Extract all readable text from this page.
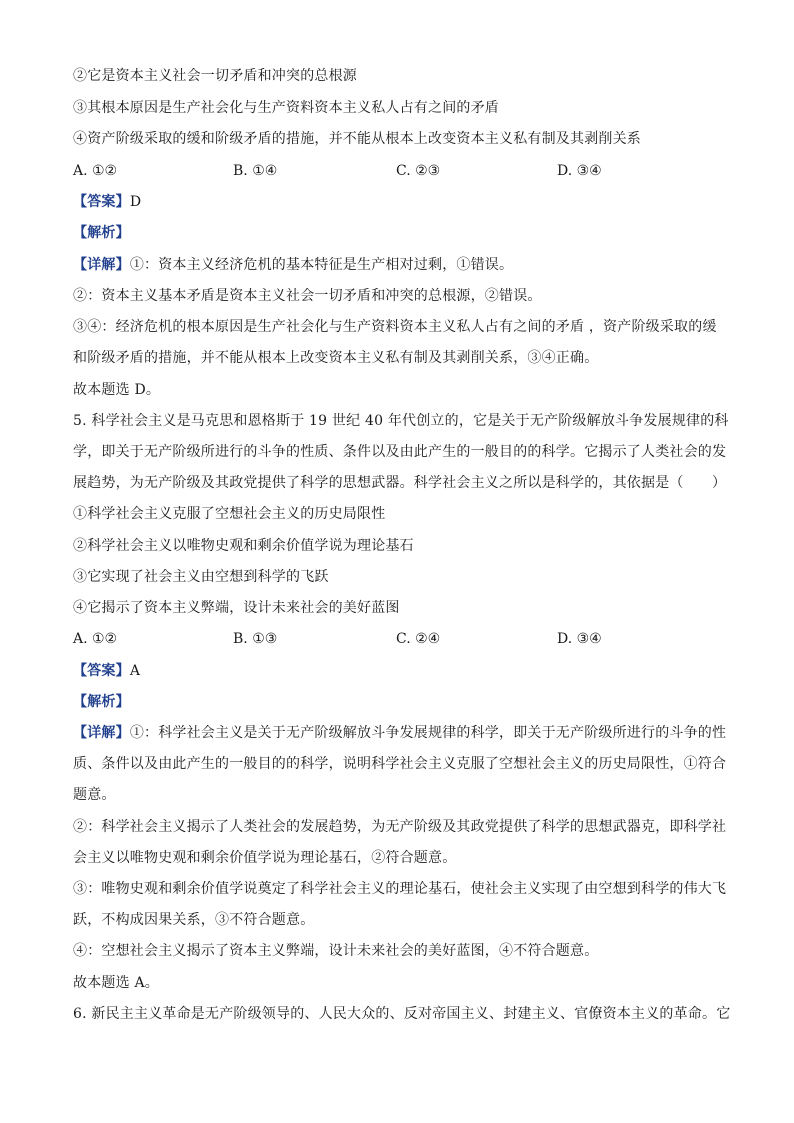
②它是资本主义社会一切矛盾和冲突的总根源
③其根本原因是生产社会化与生产资料资本主义私人占有之间的矛盾
④资产阶级采取的缓和阶级矛盾的措施，并不能从根本上改变资本主义私有制及其剥削关系
A. ①②	B. ①④	C. ②③	D. ③④
【答案】D
【解析】
【详解】①：资本主义经济危机的基本特征是生产相对过剩，①错误。
②：资本主义基本矛盾是资本主义社会一切矛盾和冲突的总根源，②错误。
③④：经济危机的根本原因是生产社会化与生产资料资本主义私人占有之间的矛盾 ，资产阶级采取的缓
和阶级矛盾的措施，并不能从根本上改变资本主义私有制及其剥削关系，③④正确。
故本题选 D。
5. 科学社会主义是马克思和恩格斯于 19 世纪 40 年代创立的，它是关于无产阶级解放斗争发展规律的科
学，即关于无产阶级所进行的斗争的性质、条件以及由此产生的一般目的的科学。它揭示了人类社会的发
展趋势，为无产阶级及其政党提供了科学的思想武器。科学社会主义之所以是科学的，其依据是（　　）
①科学社会主义克服了空想社会主义的历史局限性
②科学社会主义以唯物史观和剩余价值学说为理论基石
③它实现了社会主义由空想到科学的飞跃
④它揭示了资本主义弊端，设计未来社会的美好蓝图
A. ①②	B. ①③	C. ②④	D. ③④
【答案】A
【解析】
【详解】①：科学社会主义是关于无产阶级解放斗争发展规律的科学，即关于无产阶级所进行的斗争的性
质、条件以及由此产生的一般目的的科学，说明科学社会主义克服了空想社会主义的历史局限性，①符合
题意。
②：科学社会主义揭示了人类社会的发展趋势，为无产阶级及其政党提供了科学的思想武器克，即科学社
会主义以唯物史观和剩余价值学说为理论基石，②符合题意。
③：唯物史观和剩余价值学说奠定了科学社会主义的理论基石，使社会主义实现了由空想到科学的伟大飞
跃，不构成因果关系，③不符合题意。
④：空想社会主义揭示了资本主义弊端，设计未来社会的美好蓝图，④不符合题意。
故本题选 A。
6. 新民主主义革命是无产阶级领导的、人民大众的、反对帝国主义、封建主义、官僚资本主义的革命。它
